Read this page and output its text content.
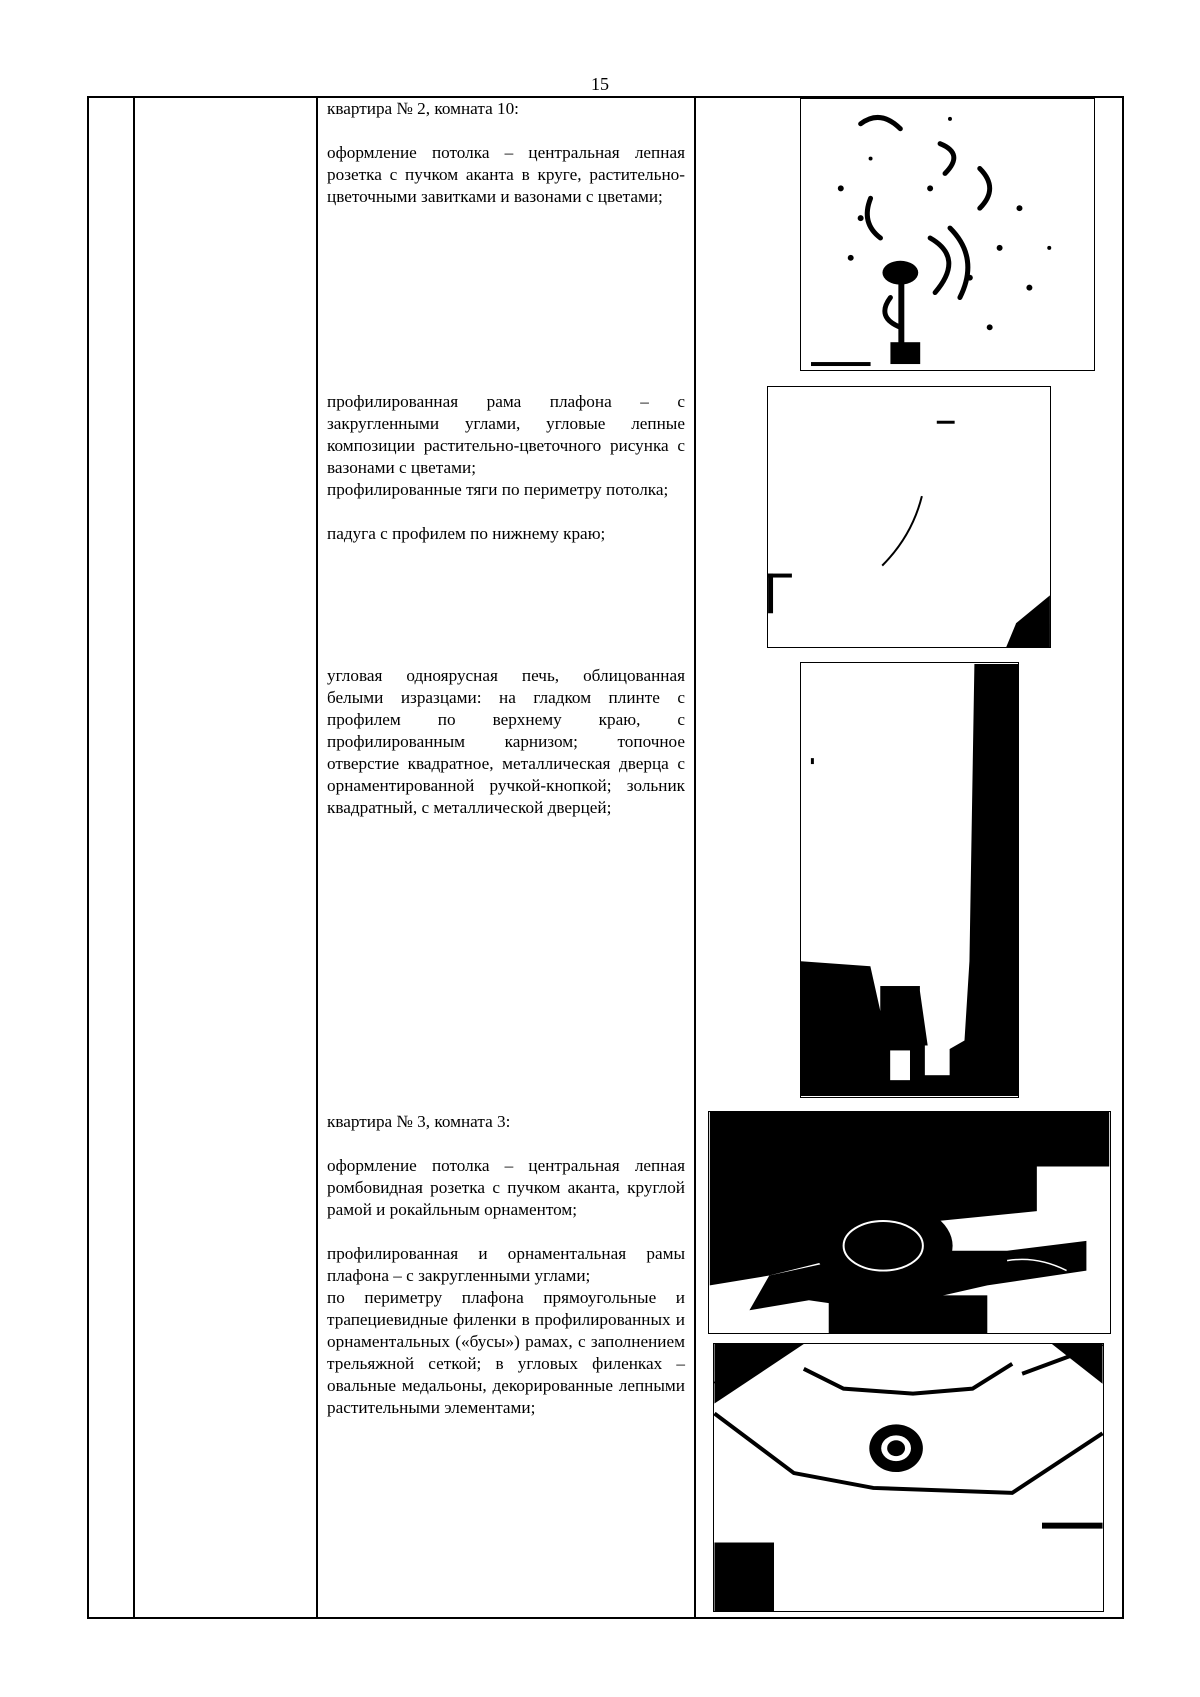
15

квартира № 2, комната 10:

оформление потолка – центральная лепная розетка с пучком аканта в круге, растительно-цветочными завитками и вазонами с цветами;

профилированная рама плафона – с закругленными углами, угловые лепные композиции растительно-цветочного рисунка с вазонами с цветами;

профилированные тяги по периметру потолка;

падуга с профилем по нижнему краю;

угловая одноярусная печь, облицованная белыми изразцами: на гладком плинте с профилем по верхнему краю, с профилированным карнизом; топочное отверстие квадратное, металлическая дверца с орнаментированной ручкой-кнопкой; зольник квадратный, с металлической дверцей;

квартира № 3, комната 3:

оформление потолка – центральная лепная ромбовидная розетка с пучком аканта, круглой рамой и рокайльным орнаментом;

профилированная и орнаментальная рамы плафона – с закругленными углами;

по периметру плафона прямоугольные и трапециевидные филенки в профилированных и орнаментальных («бусы») рамах, с заполнением трельяжной сеткой; в угловых филенках – овальные медальоны, декорированные лепными растительными элементами;
